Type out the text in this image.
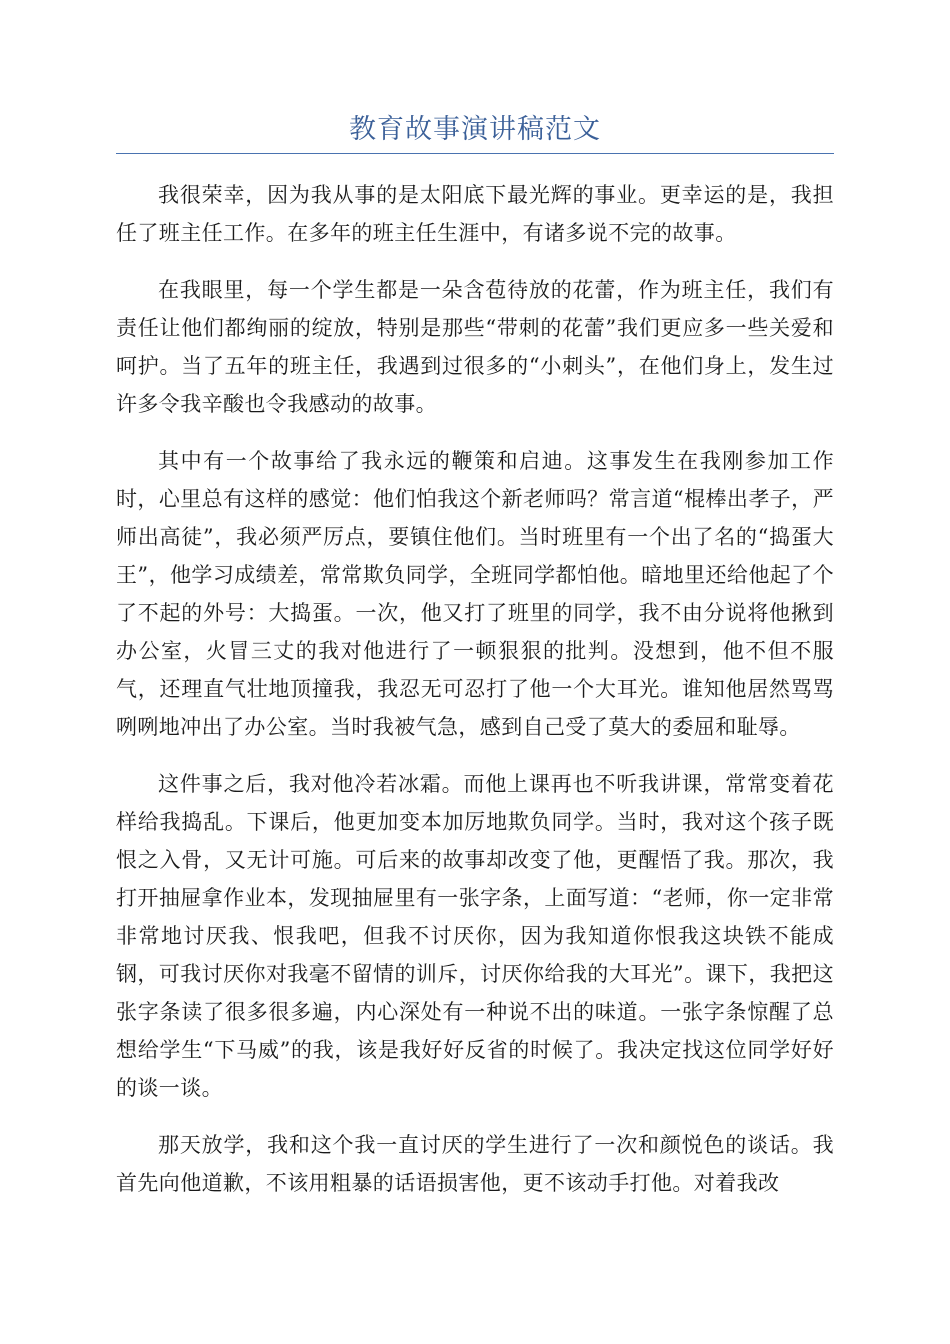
教育故事演讲稿范文

我很荣幸，因为我从事的是太阳底下最光辉的事业。更幸运的是，我担任了班主任工作。在多年的班主任生涯中，有诸多说不完的故事。

在我眼里，每一个学生都是一朵含苞待放的花蕾，作为班主任，我们有责任让他们都绚丽的绽放，特别是那些“带刺的花蕾”我们更应多一些关爱和呵护。当了五年的班主任，我遇到过很多的“小刺头”，在他们身上，发生过许多令我辛酸也令我感动的故事。

其中有一个故事给了我永远的鞭策和启迪。这事发生在我刚参加工作时，心里总有这样的感觉：他们怕我这个新老师吗？常言道“棍棒出孝子，严师出高徒”，我必须严厉点，要镇住他们。当时班里有一个出了名的“捣蛋大王”，他学习成绩差，常常欺负同学，全班同学都怕他。暗地里还给他起了个了不起的外号：大捣蛋。一次，他又打了班里的同学，我不由分说将他揪到办公室，火冒三丈的我对他进行了一顿狠狠的批判。没想到，他不但不服气，还理直气壮地顶撞我，我忍无可忍打了他一个大耳光。谁知他居然骂骂咧咧地冲出了办公室。当时我被气急，感到自己受了莫大的委屈和耻辱。

这件事之后，我对他冷若冰霜。而他上课再也不听我讲课，常常变着花样给我捣乱。下课后，他更加变本加厉地欺负同学。当时，我对这个孩子既恨之入骨，又无计可施。可后来的故事却改变了他，更醒悟了我。那次，我打开抽屉拿作业本，发现抽屉里有一张字条，上面写道：“老师，你一定非常非常地讨厌我、恨我吧，但我不讨厌你，因为我知道你恨我这块铁不能成钢，可我讨厌你对我毫不留情的训斥，讨厌你给我的大耳光”。课下，我把这张字条读了很多很多遍，内心深处有一种说不出的味道。一张字条惊醒了总想给学生“下马威”的我，该是我好好反省的时候了。我决定找这位同学好好的谈一谈。

那天放学，我和这个我一直讨厌的学生进行了一次和颜悦色的谈话。我首先向他道歉，不该用粗暴的话语损害他，更不该动手打他。对着我改
